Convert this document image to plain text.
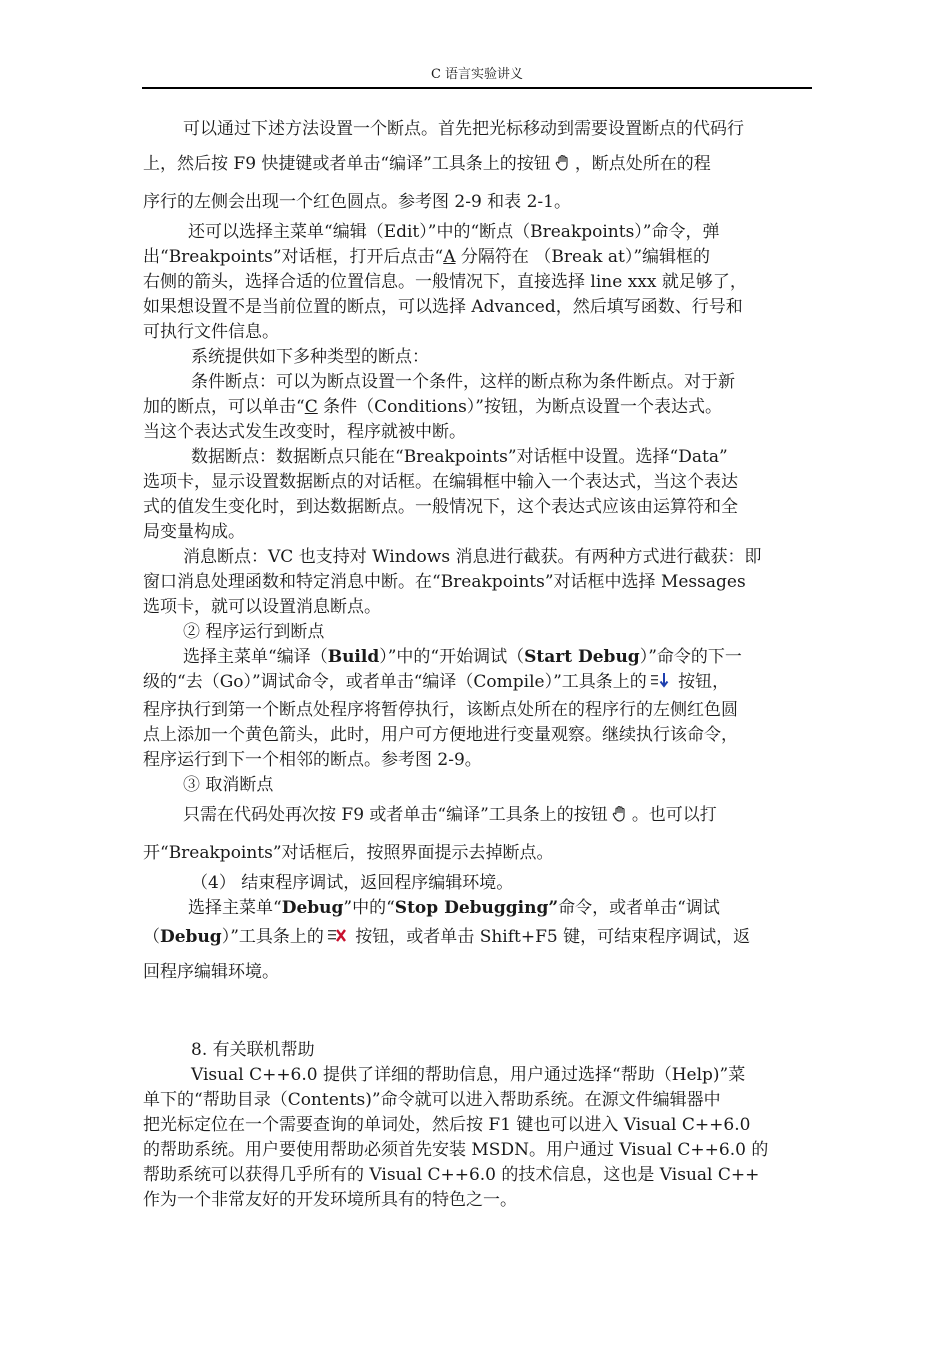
C 语言实验讲义
可以通过下述方法设置一个断点。首先把光标移动到需要设置断点的代码行
上，然后按 F9 快捷键或者单击“编译”工具条上的按钮 ，断点处所在的程
序行的左侧会出现一个红色圆点。参考图 2-9 和表 2-1。
还可以选择主菜单“编辑（Edit）”中的“断点（Breakpoints）”命令，弹
出“Breakpoints”对话框，打开后点击“A 分隔符在 （Break at）”编辑框的
右侧的箭头，选择合适的位置信息。一般情况下，直接选择 line xxx 就足够了，
如果想设置不是当前位置的断点，可以选择 Advanced，然后填写函数、行号和
可执行文件信息。
系统提供如下多种类型的断点：
条件断点：可以为断点设置一个条件，这样的断点称为条件断点。对于新
加的断点，可以单击“C 条件（Conditions）”按钮，为断点设置一个表达式。
当这个表达式发生改变时，程序就被中断。
数据断点：数据断点只能在“Breakpoints”对话框中设置。选择“Data”
选项卡，显示设置数据断点的对话框。在编辑框中输入一个表达式，当这个表达
式的值发生变化时，到达数据断点。一般情况下，这个表达式应该由运算符和全
局变量构成。
消息断点：VC 也支持对 Windows 消息进行截获。有两种方式进行截获：即
窗口消息处理函数和特定消息中断。在“Breakpoints”对话框中选择 Messages
选项卡，就可以设置消息断点。
② 程序运行到断点
选择主菜单“编译（Build）”中的“开始调试（Start Debug）”命令的下一
级的“去（Go）”调试命令，或者单击“编译（Compile）”工具条上的 按钮，
程序执行到第一个断点处程序将暂停执行，该断点处所在的程序行的左侧红色圆
点上添加一个黄色箭头，此时，用户可方便地进行变量观察。继续执行该命令，
程序运行到下一个相邻的断点。参考图 2-9。
③ 取消断点
只需在代码处再次按 F9 或者单击“编译”工具条上的按钮 。也可以打
开“Breakpoints”对话框后，按照界面提示去掉断点。
（4） 结束程序调试，返回程序编辑环境。
选择主菜单“Debug”中的“Stop Debugging”命令，或者单击“调试
（Debug）”工具条上的 按钮，或者单击 Shift+F5 键，可结束程序调试，返
回程序编辑环境。
8. 有关联机帮助
Visual C++6.0 提供了详细的帮助信息，用户通过选择“帮助（Help)”菜
单下的“帮助目录（Contents)”命令就可以进入帮助系统。在源文件编辑器中
把光标定位在一个需要查询的单词处，然后按 F1 键也可以进入 Visual C++6.0
的帮助系统。用户要使用帮助必须首先安装 MSDN。用户通过 Visual C++6.0 的
帮助系统可以获得几乎所有的 Visual C++6.0 的技术信息，这也是 Visual C++
作为一个非常友好的开发环境所具有的特色之一。
